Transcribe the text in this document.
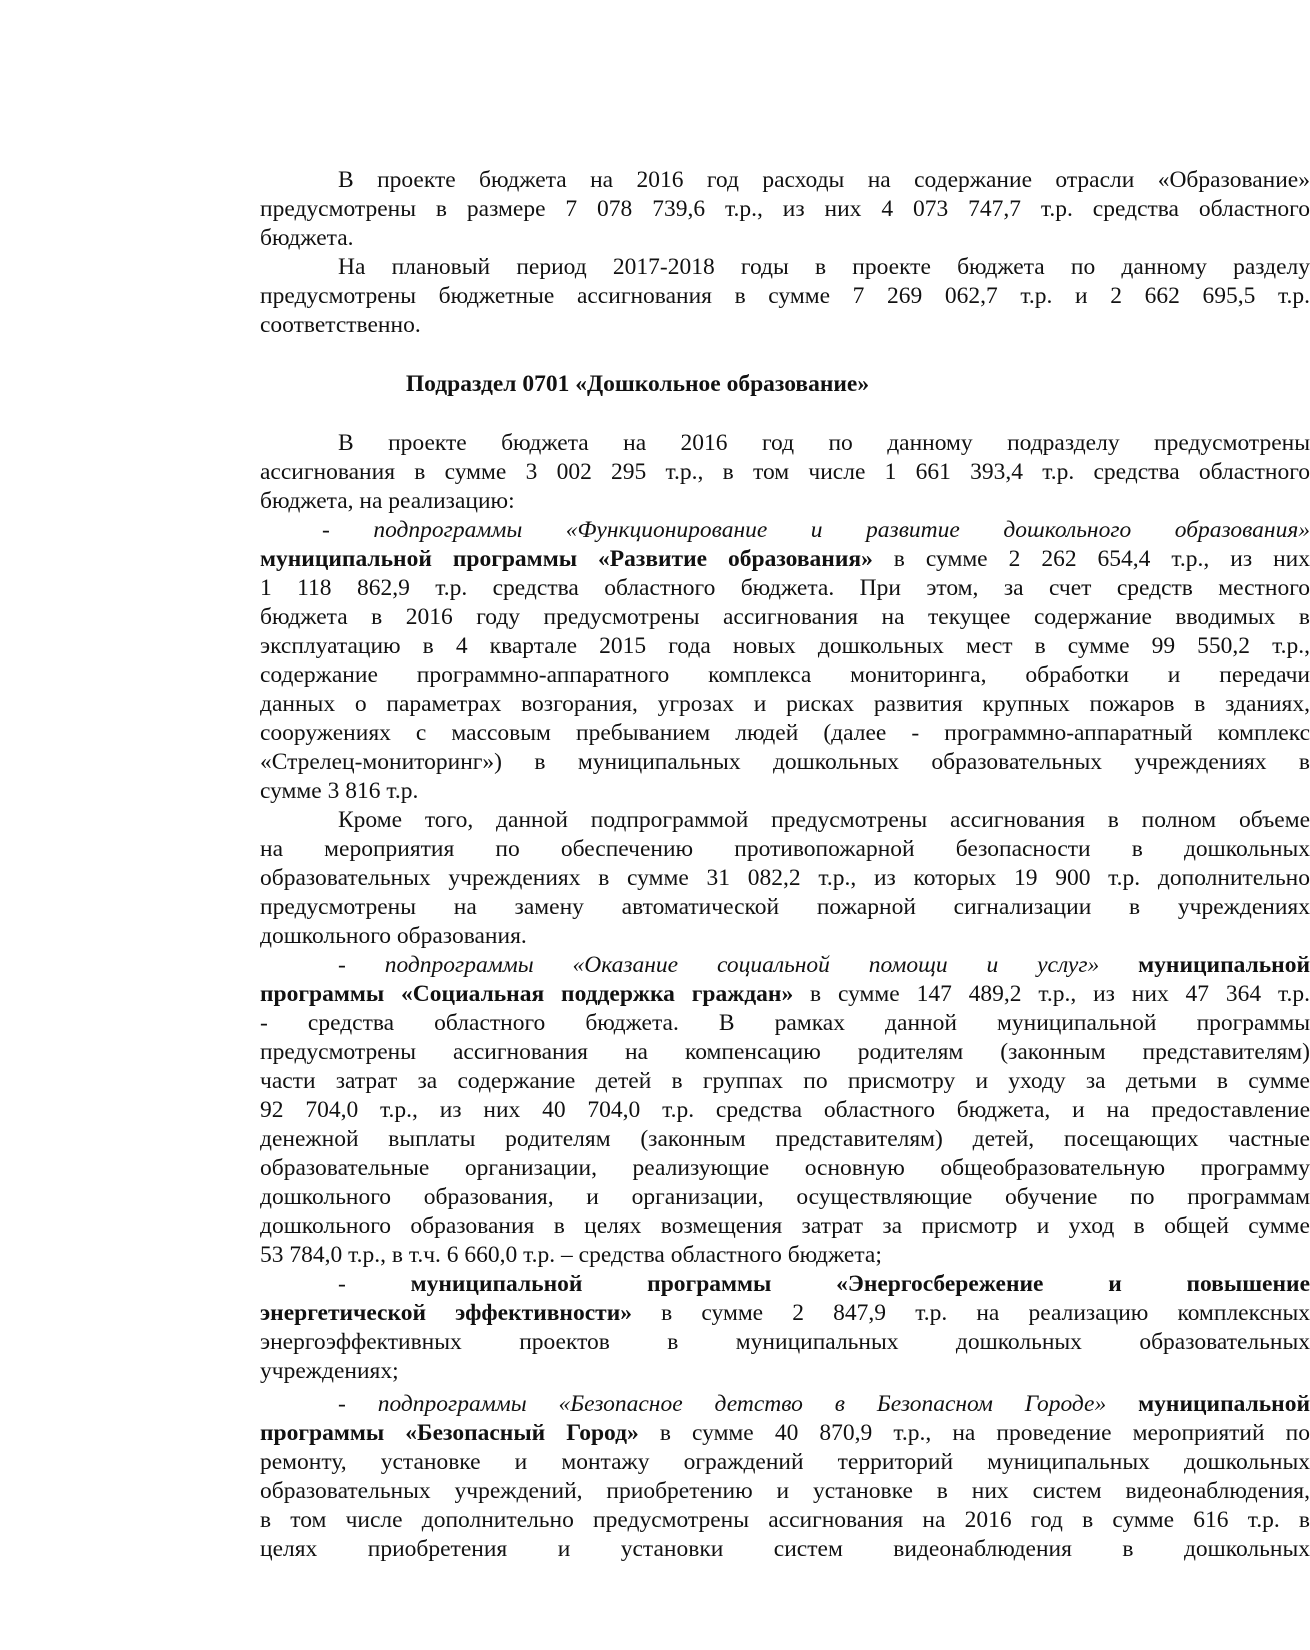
В проекте бюджета на 2016 год расходы на содержание отрасли «Образование»
предусмотрены в размере 7 078 739,6 т.р., из них 4 073 747,7 т.р. средства областного
бюджета.
На плановый период 2017-2018 годы в проекте бюджета по данному разделу
предусмотрены бюджетные ассигнования в сумме 7 269 062,7 т.р. и 2 662 695,5 т.р.
соответственно.
Подраздел 0701 «Дошкольное образование»
В проекте бюджета на 2016 год по данному подразделу предусмотрены
ассигнования в сумме 3 002 295 т.р., в том числе 1 661 393,4 т.р. средства областного
бюджета, на реализацию:
- подпрограммы «Функционирование и развитие дошкольного образования»
муниципальной программы «Развитие образования» в сумме 2 262 654,4 т.р., из них
1 118 862,9 т.р. средства областного бюджета. При этом, за счет средств местного
бюджета в 2016 году предусмотрены ассигнования на текущее содержание вводимых в
эксплуатацию в 4 квартале 2015 года новых дошкольных мест в сумме 99 550,2 т.р.,
содержание программно-аппаратного комплекса мониторинга, обработки и передачи
данных о параметрах возгорания, угрозах и рисках развития крупных пожаров в зданиях,
сооружениях с массовым пребыванием людей (далее - программно-аппаратный комплекс
«Стрелец-мониторинг») в муниципальных дошкольных образовательных учреждениях в
сумме 3 816 т.р.
Кроме того, данной подпрограммой предусмотрены ассигнования в полном объеме
на мероприятия по обеспечению противопожарной безопасности в дошкольных
образовательных учреждениях в сумме 31 082,2 т.р., из которых 19 900 т.р. дополнительно
предусмотрены на замену автоматической пожарной сигнализации в учреждениях
дошкольного образования.
- подпрограммы «Оказание социальной помощи и услуг» муниципальной
программы «Социальная поддержка граждан» в сумме 147 489,2 т.р., из них 47 364 т.р.
- средства областного бюджета. В рамках данной муниципальной программы
предусмотрены ассигнования на компенсацию родителям (законным представителям)
части затрат за содержание детей в группах по присмотру и уходу за детьми в сумме
92 704,0 т.р., из них 40 704,0 т.р. средства областного бюджета, и на предоставление
денежной выплаты родителям (законным представителям) детей, посещающих частные
образовательные организации, реализующие основную общеобразовательную программу
дошкольного образования, и организации, осуществляющие обучение по программам
дошкольного образования в целях возмещения затрат за присмотр и уход в общей сумме
53 784,0 т.р., в т.ч. 6 660,0 т.р. – средства областного бюджета;
- муниципальной программы «Энергосбережение и повышение
энергетической эффективности» в сумме 2 847,9 т.р. на реализацию комплексных
энергоэффективных проектов в муниципальных дошкольных образовательных
учреждениях;
- подпрограммы «Безопасное детство в Безопасном Городе» муниципальной
программы «Безопасный Город» в сумме 40 870,9 т.р., на проведение мероприятий по
ремонту, установке и монтажу ограждений территорий муниципальных дошкольных
образовательных учреждений, приобретению и установке в них систем видеонаблюдения,
в том числе дополнительно предусмотрены ассигнования на 2016 год в сумме 616 т.р. в
целях приобретения и установки систем видеонаблюдения в дошкольных
